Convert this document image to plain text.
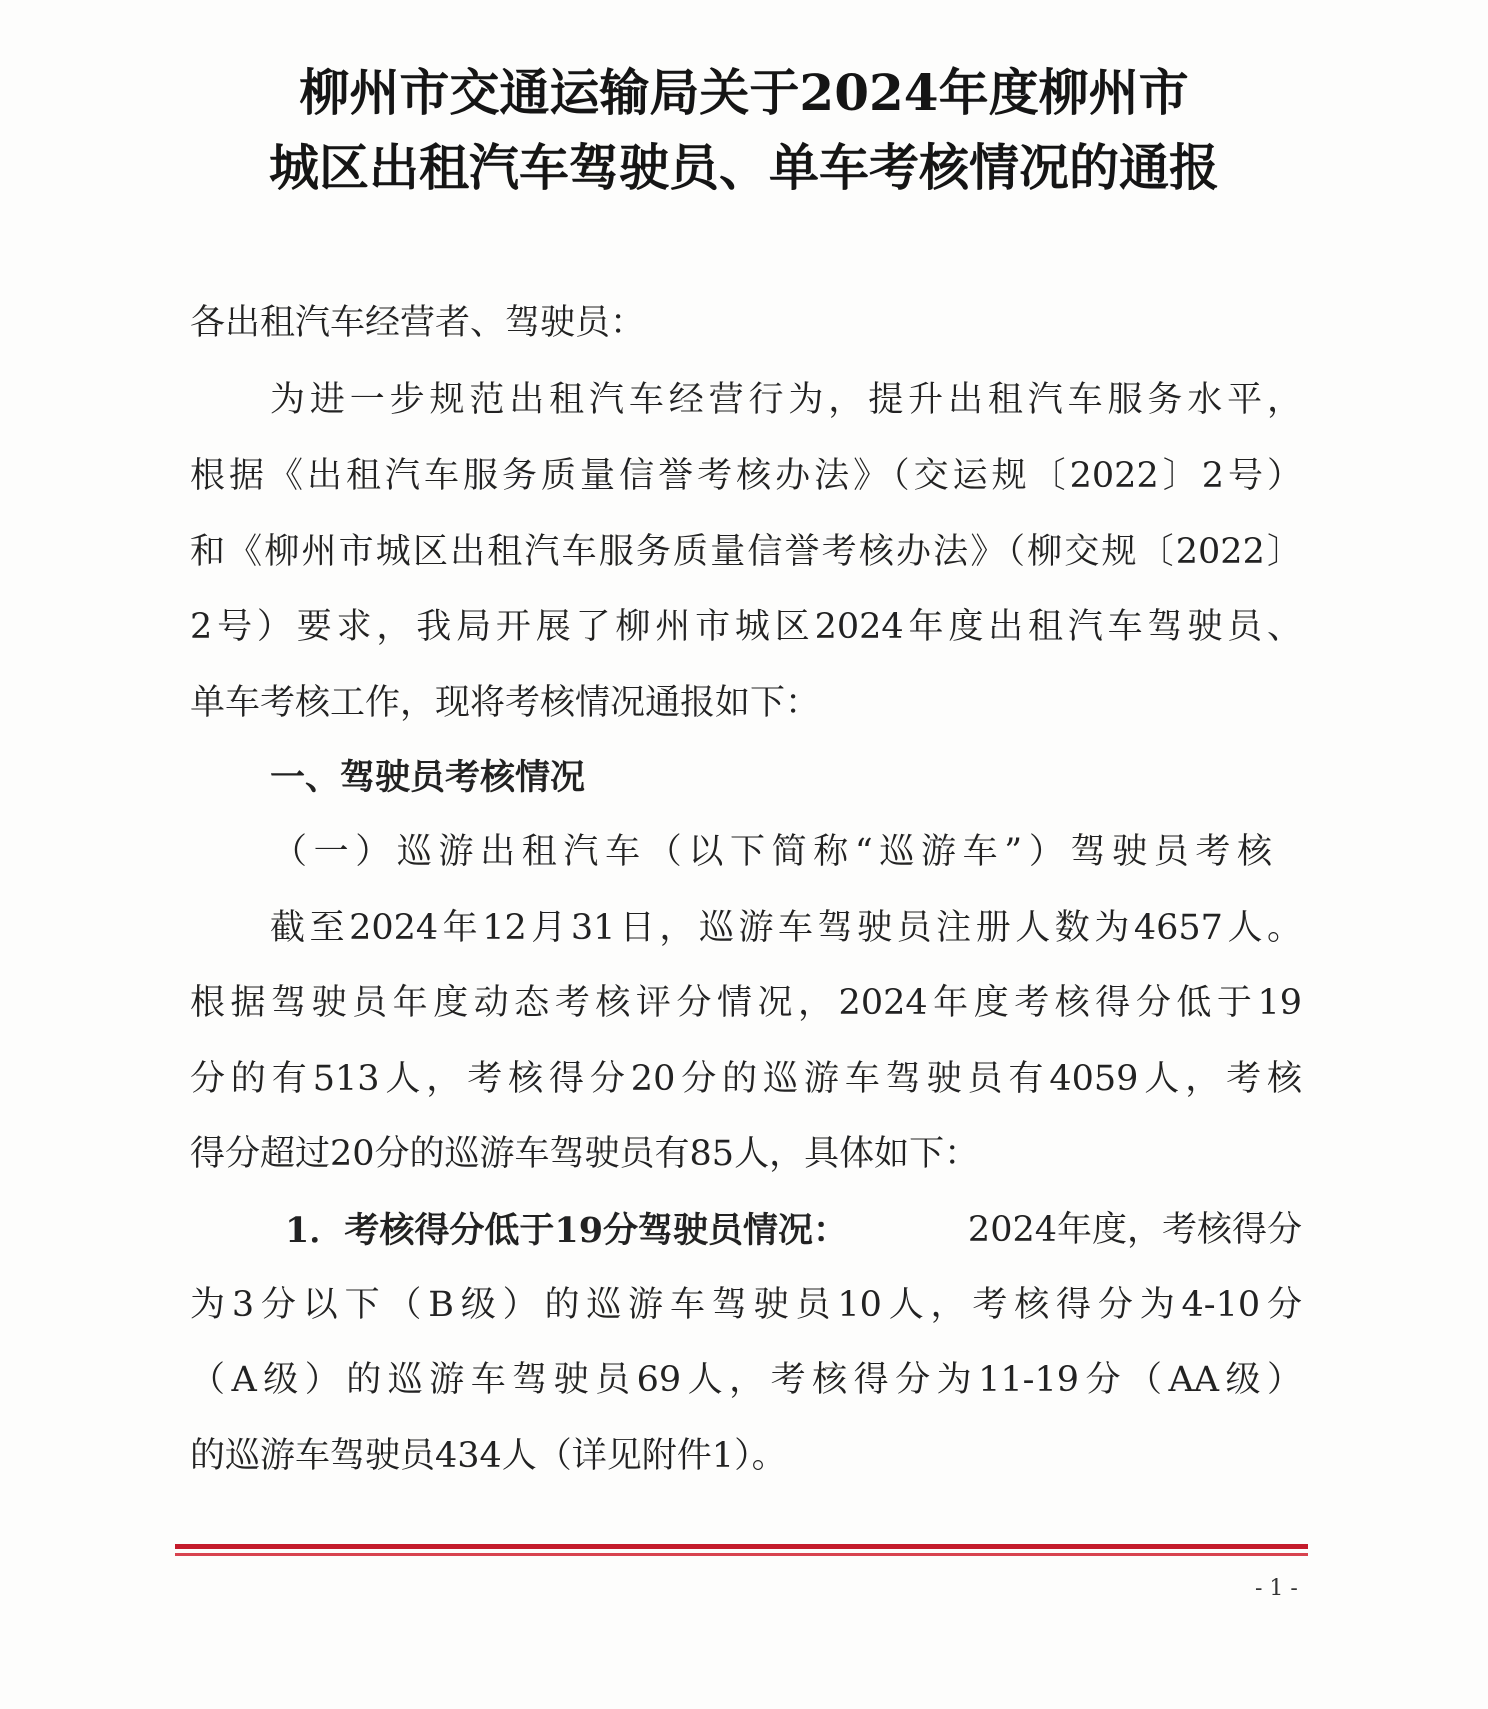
柳州市交通运输局关于2024年度柳州市
城区出租汽车驾驶员、单车考核情况的通报
各出租汽车经营者、驾驶员：
为进一步规范出租汽车经营行为，提升出租汽车服务水平，
根据《出租汽车服务质量信誉考核办法》（交运规〔2022〕2号）
和《柳州市城区出租汽车服务质量信誉考核办法》（柳交规〔2022〕
2号）要求，我局开展了柳州市城区2024年度出租汽车驾驶员、
单车考核工作，现将考核情况通报如下：
一、驾驶员考核情况
（一）巡游出租汽车（以下简称“巡游车”）驾驶员考核
截至2024年12月31日，巡游车驾驶员注册人数为4657人。
根据驾驶员年度动态考核评分情况，2024年度考核得分低于19
分的有513人，考核得分20分的巡游车驾驶员有4059人，考核
得分超过20分的巡游车驾驶员有85人，具体如下：
1．考核得分低于19分驾驶员情况：	2024年度，考核得分
为3分以下（B级）的巡游车驾驶员10人，考核得分为4-10分
（A级）的巡游车驾驶员69人，考核得分为11-19分（AA级）
的巡游车驾驶员434人（详见附件1）。
- 1 -
